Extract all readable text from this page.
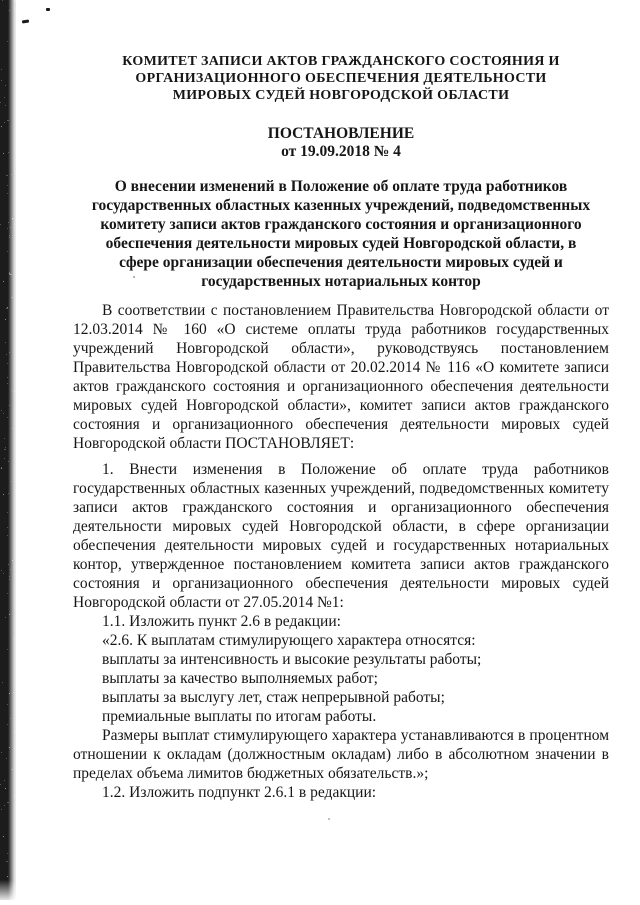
КОМИТЕТ ЗАПИСИ АКТОВ ГРАЖДАНСКОГО СОСТОЯНИЯ И
ОРГАНИЗАЦИОННОГО ОБЕСПЕЧЕНИЯ ДЕЯТЕЛЬНОСТИ
МИРОВЫХ СУДЕЙ НОВГОРОДСКОЙ ОБЛАСТИ
ПОСТАНОВЛЕНИЕ
от 19.09.2018 № 4
О внесении изменений в Положение об оплате труда работников
государственных областных казенных учреждений, подведомственных
комитету записи актов гражданского состояния и организационного
обеспечения деятельности мировых судей Новгородской области, в
сфере организации обеспечения деятельности мировых судей и
государственных нотариальных контор

В соответствии с постановлением Правительства Новгородской области от 12.03.2014 № 160 «О системе оплаты труда работников государственных учреждений Новгородской области», руководствуясь постановлением Правительства Новгородской области от 20.02.2014 № 116 «О комитете записи актов гражданского состояния и организационного обеспечения деятельности мировых судей Новгородской области», комитет записи актов гражданского состояния и организационного обеспечения деятельности мировых судей Новгородской области ПОСТАНОВЛЯЕТ:

1. Внести изменения в Положение об оплате труда работников государственных областных казенных учреждений, подведомственных комитету записи актов гражданского состояния и организационного обеспечения деятельности мировых судей Новгородской области, в сфере организации обеспечения деятельности мировых судей и государственных нотариальных контор, утвержденное постановлением комитета записи актов гражданского состояния и организационного обеспечения деятельности мировых судей Новгородской области от 27.05.2014 №1:

1.1. Изложить пункт 2.6 в редакции:

«2.6. К выплатам стимулирующего характера относятся:

выплаты за интенсивность и высокие результаты работы;

выплаты за качество выполняемых работ;

выплаты за выслугу лет, стаж непрерывной работы;

премиальные выплаты по итогам работы.

Размеры выплат стимулирующего характера устанавливаются в процентном отношении к окладам (должностным окладам) либо в абсолютном значении в пределах объема лимитов бюджетных обязательств.»;

1.2. Изложить подпункт 2.6.1 в редакции:
